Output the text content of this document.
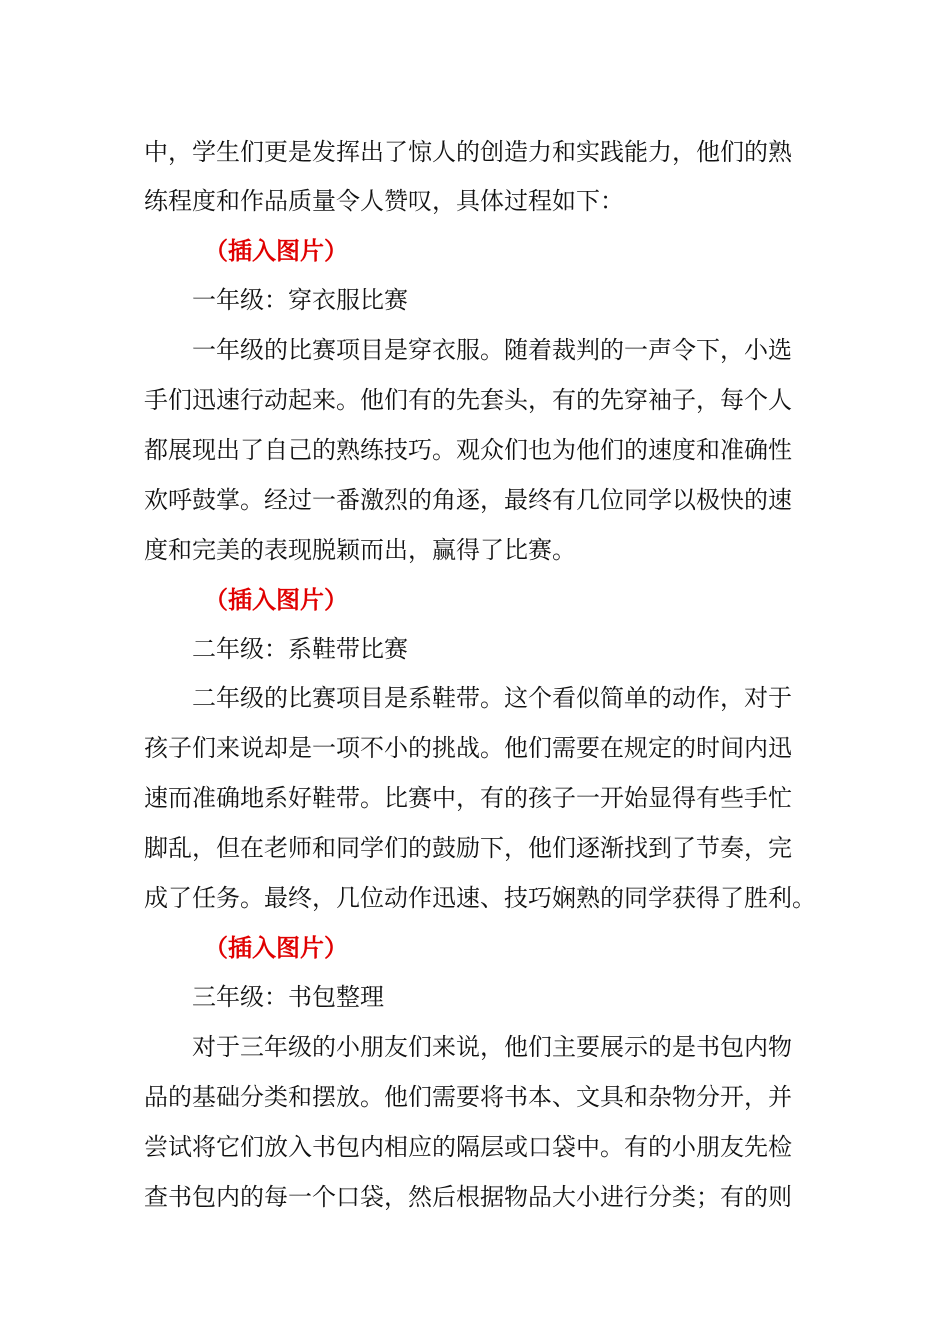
中，学生们更是发挥出了惊人的创造力和实践能力，他们的熟
练程度和作品质量令人赞叹，具体过程如下：
（插入图片）
一年级：穿衣服比赛
一年级的比赛项目是穿衣服。随着裁判的一声令下，小选
手们迅速行动起来。他们有的先套头，有的先穿袖子，每个人
都展现出了自己的熟练技巧。观众们也为他们的速度和准确性
欢呼鼓掌。经过一番激烈的角逐，最终有几位同学以极快的速
度和完美的表现脱颖而出，赢得了比赛。
（插入图片）
二年级：系鞋带比赛
二年级的比赛项目是系鞋带。这个看似简单的动作，对于
孩子们来说却是一项不小的挑战。他们需要在规定的时间内迅
速而准确地系好鞋带。比赛中，有的孩子一开始显得有些手忙
脚乱，但在老师和同学们的鼓励下，他们逐渐找到了节奏，完
成了任务。最终，几位动作迅速、技巧娴熟的同学获得了胜利。
（插入图片）
三年级：书包整理
对于三年级的小朋友们来说，他们主要展示的是书包内物
品的基础分类和摆放。他们需要将书本、文具和杂物分开，并
尝试将它们放入书包内相应的隔层或口袋中。有的小朋友先检
查书包内的每一个口袋，然后根据物品大小进行分类；有的则
